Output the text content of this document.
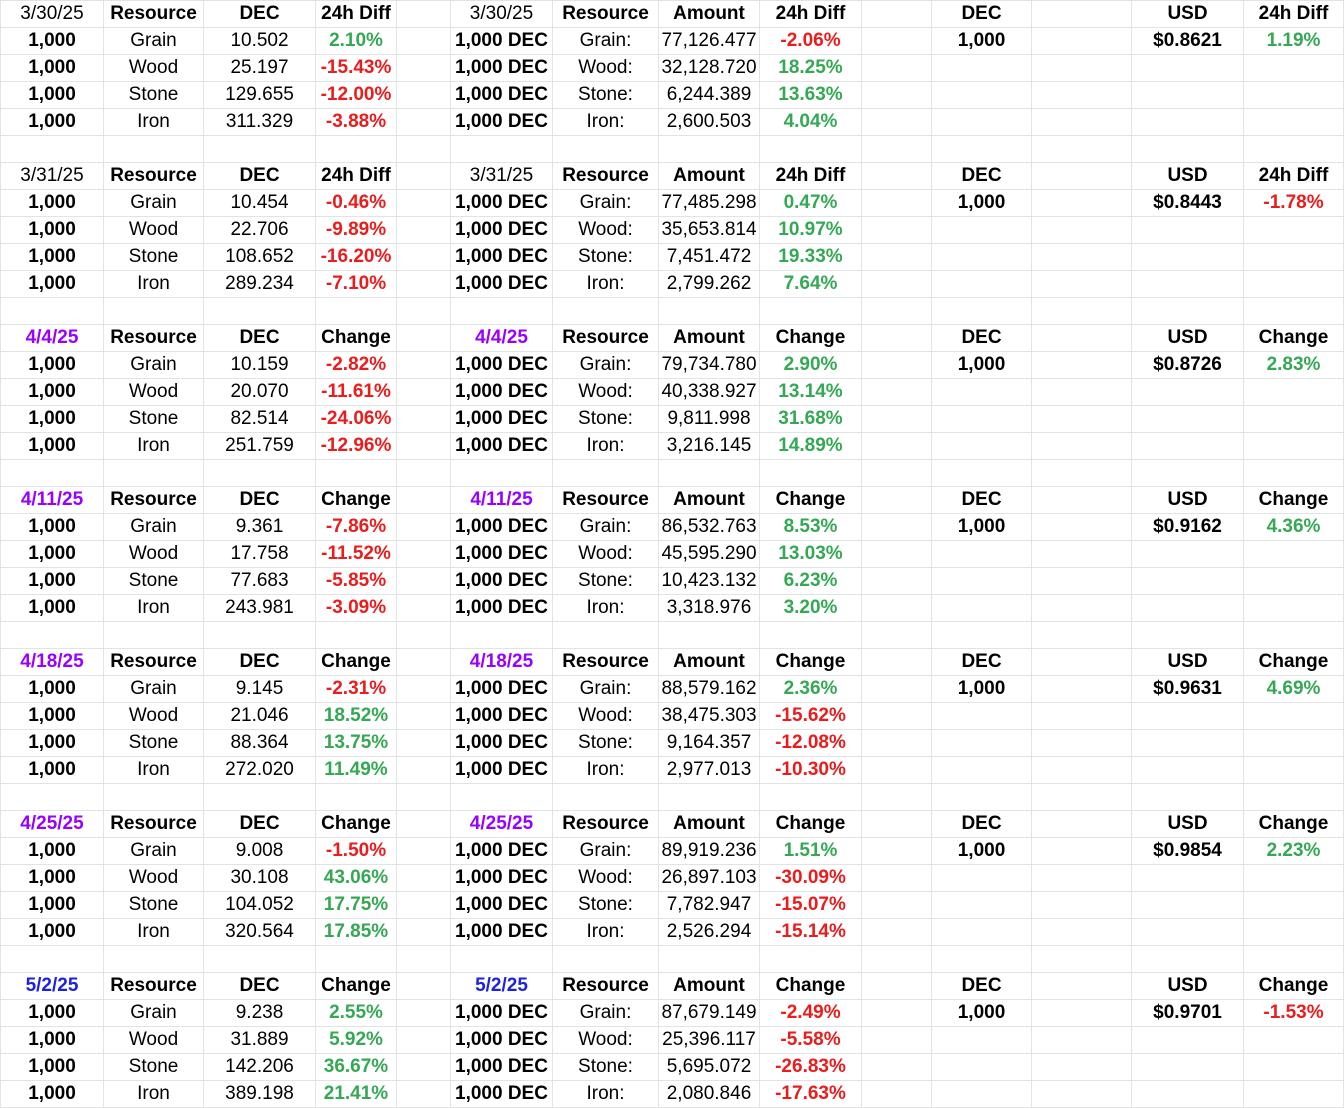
3/30/25	Resource	DEC	24h Diff		3/30/25	Resource	Amount	24h Diff		DEC		USD	24h Diff
1,000	Grain	10.502	2.10%		1,000 DEC	Grain:	77,126.477	-2.06%		1,000		$0.8621	1.19%
1,000	Wood	25.197	-15.43%		1,000 DEC	Wood:	32,128.720	18.25%					
1,000	Stone	129.655	-12.00%		1,000 DEC	Stone:	6,244.389	13.63%					
1,000	Iron	311.329	-3.88%		1,000 DEC	Iron:	2,600.503	4.04%					

3/31/25	Resource	DEC	24h Diff		3/31/25	Resource	Amount	24h Diff		DEC		USD	24h Diff
1,000	Grain	10.454	-0.46%		1,000 DEC	Grain:	77,485.298	0.47%		1,000		$0.8443	-1.78%
1,000	Wood	22.706	-9.89%		1,000 DEC	Wood:	35,653.814	10.97%					
1,000	Stone	108.652	-16.20%		1,000 DEC	Stone:	7,451.472	19.33%					
1,000	Iron	289.234	-7.10%		1,000 DEC	Iron:	2,799.262	7.64%					

4/4/25	Resource	DEC	Change		4/4/25	Resource	Amount	Change		DEC		USD	Change
1,000	Grain	10.159	-2.82%		1,000 DEC	Grain:	79,734.780	2.90%		1,000		$0.8726	2.83%
1,000	Wood	20.070	-11.61%		1,000 DEC	Wood:	40,338.927	13.14%					
1,000	Stone	82.514	-24.06%		1,000 DEC	Stone:	9,811.998	31.68%					
1,000	Iron	251.759	-12.96%		1,000 DEC	Iron:	3,216.145	14.89%					

4/11/25	Resource	DEC	Change		4/11/25	Resource	Amount	Change		DEC		USD	Change
1,000	Grain	9.361	-7.86%		1,000 DEC	Grain:	86,532.763	8.53%		1,000		$0.9162	4.36%
1,000	Wood	17.758	-11.52%		1,000 DEC	Wood:	45,595.290	13.03%					
1,000	Stone	77.683	-5.85%		1,000 DEC	Stone:	10,423.132	6.23%					
1,000	Iron	243.981	-3.09%		1,000 DEC	Iron:	3,318.976	3.20%					

4/18/25	Resource	DEC	Change		4/18/25	Resource	Amount	Change		DEC		USD	Change
1,000	Grain	9.145	-2.31%		1,000 DEC	Grain:	88,579.162	2.36%		1,000		$0.9631	4.69%
1,000	Wood	21.046	18.52%		1,000 DEC	Wood:	38,475.303	-15.62%					
1,000	Stone	88.364	13.75%		1,000 DEC	Stone:	9,164.357	-12.08%					
1,000	Iron	272.020	11.49%		1,000 DEC	Iron:	2,977.013	-10.30%					

4/25/25	Resource	DEC	Change		4/25/25	Resource	Amount	Change		DEC		USD	Change
1,000	Grain	9.008	-1.50%		1,000 DEC	Grain:	89,919.236	1.51%		1,000		$0.9854	2.23%
1,000	Wood	30.108	43.06%		1,000 DEC	Wood:	26,897.103	-30.09%					
1,000	Stone	104.052	17.75%		1,000 DEC	Stone:	7,782.947	-15.07%					
1,000	Iron	320.564	17.85%		1,000 DEC	Iron:	2,526.294	-15.14%					

5/2/25	Resource	DEC	Change		5/2/25	Resource	Amount	Change		DEC		USD	Change
1,000	Grain	9.238	2.55%		1,000 DEC	Grain:	87,679.149	-2.49%		1,000		$0.9701	-1.53%
1,000	Wood	31.889	5.92%		1,000 DEC	Wood:	25,396.117	-5.58%					
1,000	Stone	142.206	36.67%		1,000 DEC	Stone:	5,695.072	-26.83%					
1,000	Iron	389.198	21.41%		1,000 DEC	Iron:	2,080.846	-17.63%					
